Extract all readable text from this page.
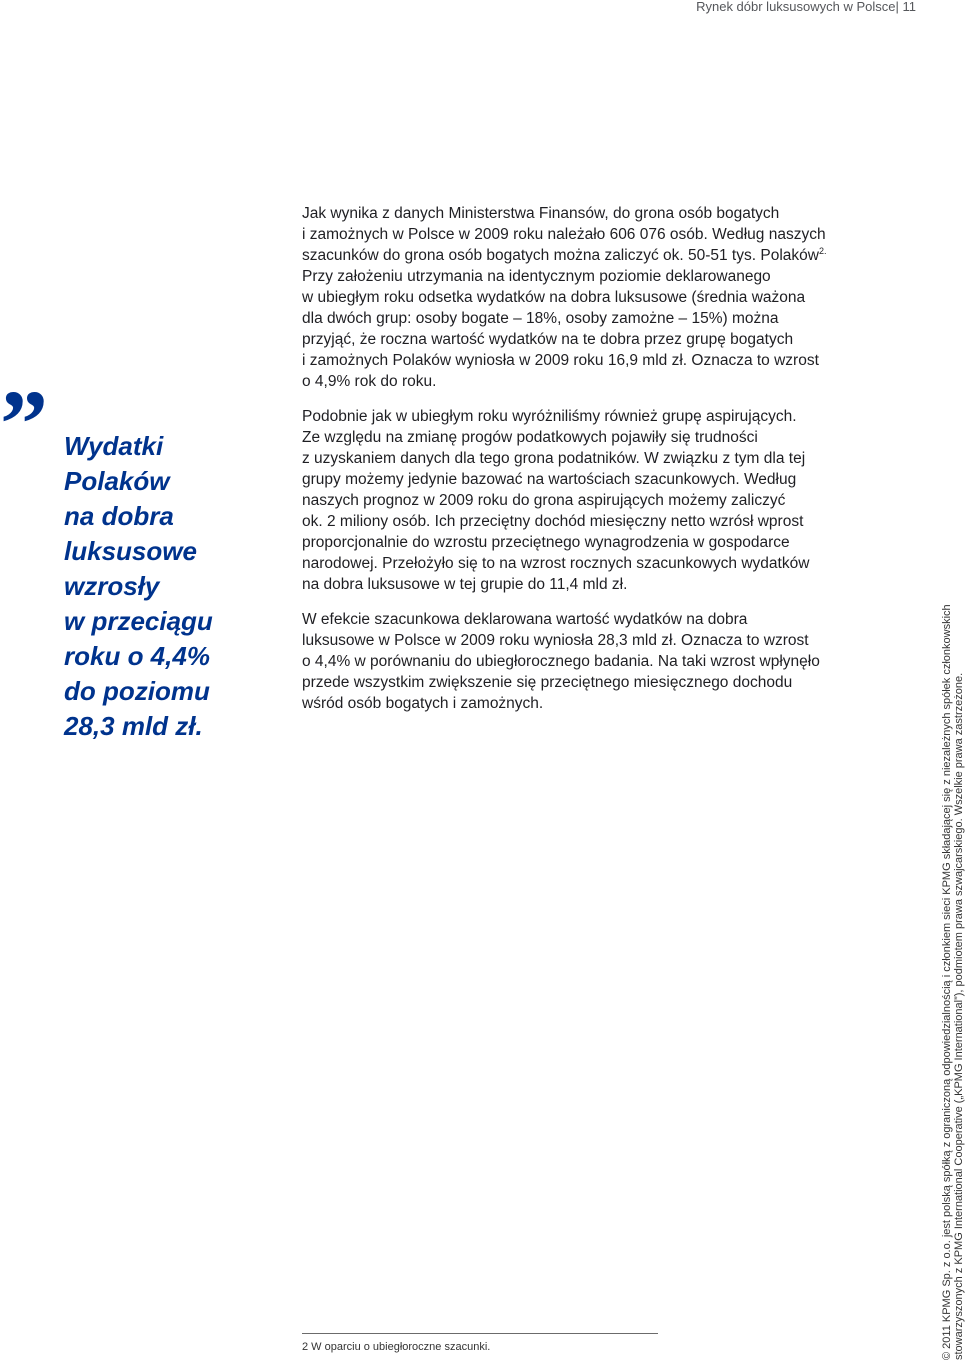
Rynek dóbr luksusowych w Polsce| 11
” Wydatki
Polaków
na dobra
luksusowe
wzrosły
w przeciągu
roku o 4,4%
do poziomu
28,3 mld zł.

Jak wynika z danych Ministerstwa Finansów, do grona osób bogatych
i zamożnych w Polsce w 2009 roku należało 606 076 osób. Według naszych
szacunków do grona osób bogatych można zaliczyć ok. 50-51 tys. Polaków$^{2.}$
Przy założeniu utrzymania na identycznym poziomie deklarowanego
w ubiegłym roku odsetka wydatków na dobra luksusowe (średnia ważona
dla dwóch grup: osoby bogate – 18%, osoby zamożne – 15%) można
przyjąć, że roczna wartość wydatków na te dobra przez grupę bogatych
i zamożnych Polaków wyniosła w 2009 roku 16,9 mld zł. Oznacza to wzrost
o 4,9% rok do roku.

Podobnie jak w ubiegłym roku wyróżniliśmy również grupę aspirujących.
Ze względu na zmianę progów podatkowych pojawiły się trudności
z uzyskaniem danych dla tego grona podatników. W związku z tym dla tej
grupy możemy jedynie bazować na wartościach szacunkowych. Według
naszych prognoz w 2009 roku do grona aspirujących możemy zaliczyć
ok. 2 miliony osób. Ich przeciętny dochód miesięczny netto wzrósł wprost
proporcjonalnie do wzrostu przeciętnego wynagrodzenia w gospodarce
narodowej. Przełożyło się to na wzrost rocznych szacunkowych wydatków
na dobra luksusowe w tej grupie do 11,4 mld zł.

W efekcie szacunkowa deklarowana wartość wydatków na dobra
luksusowe w Polsce w 2009 roku wyniosła 28,3 mld zł. Oznacza to wzrost
o 4,4% w porównaniu do ubiegłorocznego badania. Na taki wzrost wpłynęło
przede wszystkim zwiększenie się przeciętnego miesięcznego dochodu
wśród osób bogatych i zamożnych.

2 W oparciu o ubiegłoroczne szacunki.	© 2011 KPMG Sp. z o.o. jest polską spółką z ograniczoną odpowiedzialnością i członkiem sieci KPMG składającej się z niezależnych spółek członkowskich stowarzyszonych z KPMG International Cooperative („KPMG International”), podmiotem prawa szwajcarskiego. Wszelkie prawa zastrzeżone.
